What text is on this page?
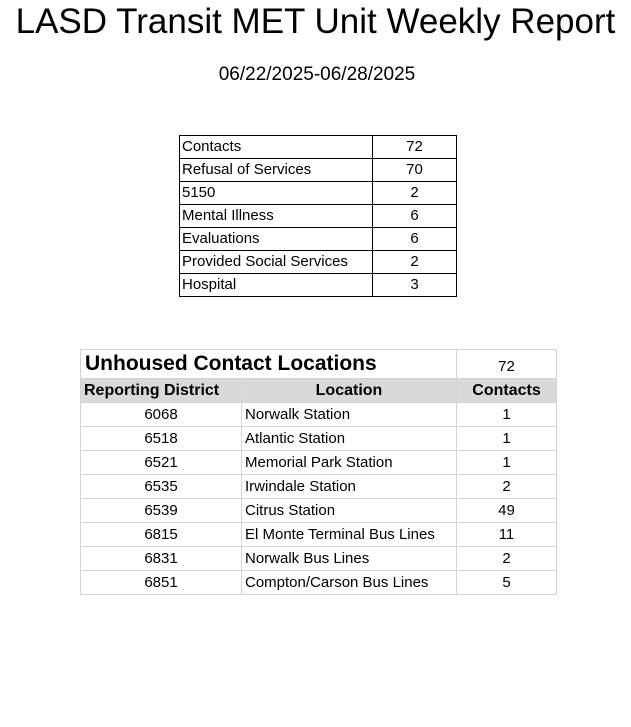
LASD Transit MET Unit Weekly Report
06/22/2025-06/28/2025
Contacts	72
Refusal of Services	70
5150	2
Mental Illness	6
Evaluations	6
Provided Social Services	2
Hospital	3
Unhoused Contact Locations		72
Reporting District	Location	Contacts
6068	Norwalk Station	1
6518	Atlantic Station	1
6521	Memorial Park Station	1
6535	Irwindale Station	2
6539	Citrus Station	49
6815	El Monte Terminal Bus Lines	11
6831	Norwalk Bus Lines	2
6851	Compton/Carson Bus Lines	5
